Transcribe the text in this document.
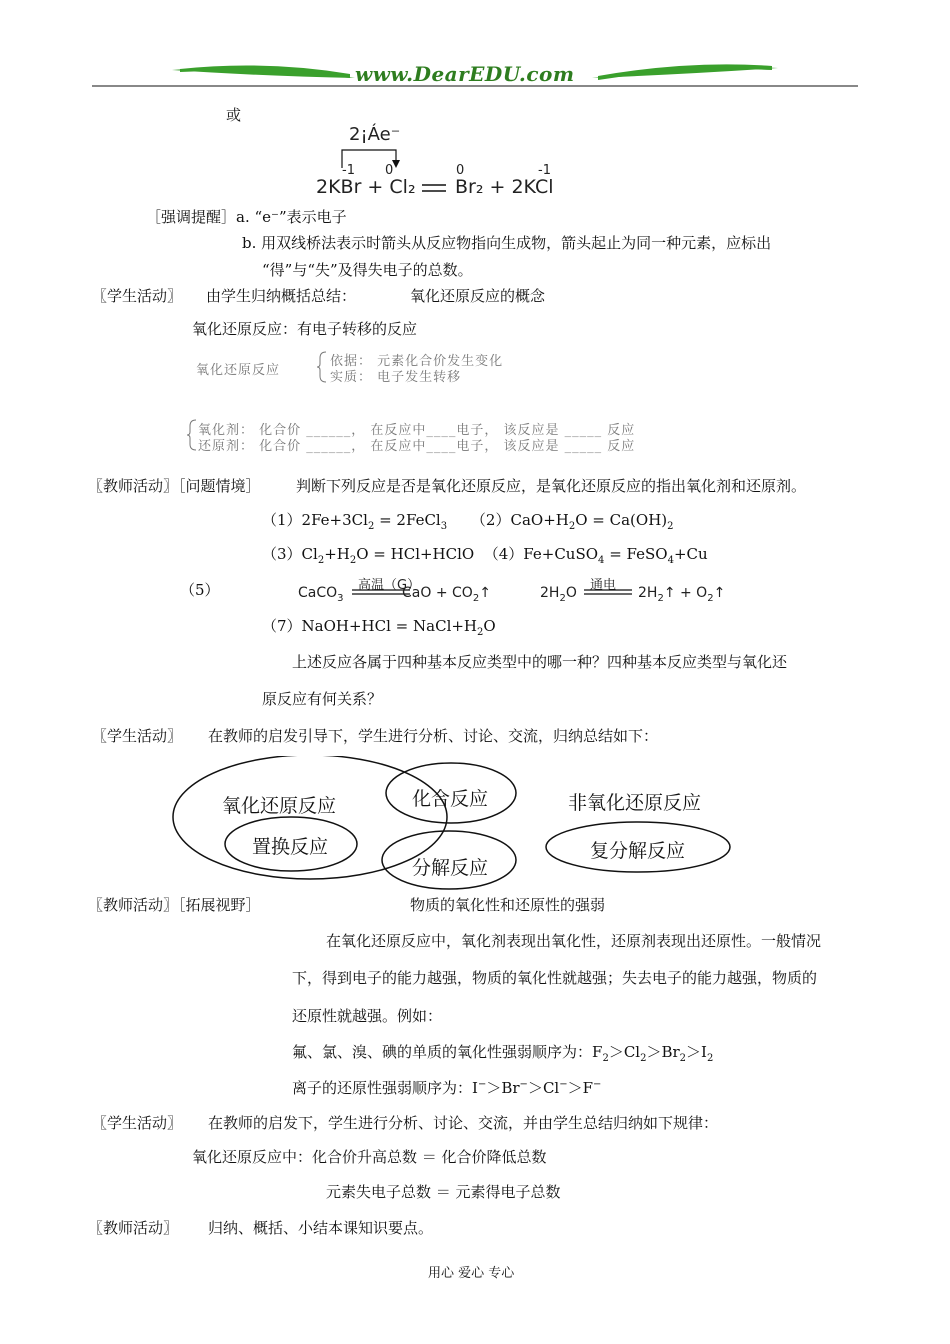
www.DearEDU.com
或
2¡Áe⁻
-1 0	0	-1
2KBr + Cl₂ Br₂ + 2KCl
［强调提醒］a. “e⁻”表示电子
b. 用双线桥法表示时箭头从反应物指向生成物，箭头起止为同一种元素，应标出
“得”与“失”及得失电子的总数。
〖学生活动〗 由学生归纳概括总结：	氧化还原反应的概念
氧化还原反应：有电子转移的反应
氧化还原反应
依据： 元素化合价发生变化
实质： 电子发生转移
氧化剂： 化合价 ______， 在反应中____电子， 该反应是 _____ 反应
还原剂： 化合价 ______， 在反应中____电子， 该反应是 _____ 反应
〖教师活动〗［问题情境］ 判断下列反应是否是氧化还原反应，是氧化还原反应的指出氧化剂和还原剂。
$(1)2Fe+3Cl_2$ = 2FeCl$_3$     $(2)CaO+H_2O = Ca(OH)_2$
$(3)Cl_2+H_2O$ = HCl+HClO  （4）Fe+CuSO$_4$ = FeSO$_4$+Cu
（5）	CaCO$_3$
高温（G）
CaO + $CO_2↑$	$2H_2O$ 通电 $2H_2↑$ + $O_2↑$
（7）NaOH+HCl = $NaCl+H_2O$
上述反应各属于四种基本反应类型中的哪一种？四种基本反应类型与氧化还
原反应有何关系？
〖学生活动〗 在教师的启发引导下，学生进行分析、讨论、交流，归纳总结如下：
氧化还原反应	化合反应	非氧化还原反应
置换反应	复分解反应
分解反应
〖教师活动〗［拓展视野］	物质的氧化性和还原性的强弱
在氧化还原反应中，氧化剂表现出氧化性，还原剂表现出还原性。一般情况
下，得到电子的能力越强，物质的氧化性就越强；失去电子的能力越强，物质的
还原性就越强。例如：
氟、氯、溴、碘的单质的氧化性强弱顺序为：$F_2>Cl_2>Br_2>I_2$
离子的还原性强弱顺序为：I−＞Br−＞Cl−＞F−
〖学生活动〗 在教师的启发下，学生进行分析、讨论、交流，并由学生总结归纳如下规律：
氧化还原反应中：化合价升高总数 ＝ 化合价降低总数
元素失电子总数 ＝ 元素得电子总数
〖教师活动〗 归纳、概括、小结本课知识要点。
用心 爱心 专心
